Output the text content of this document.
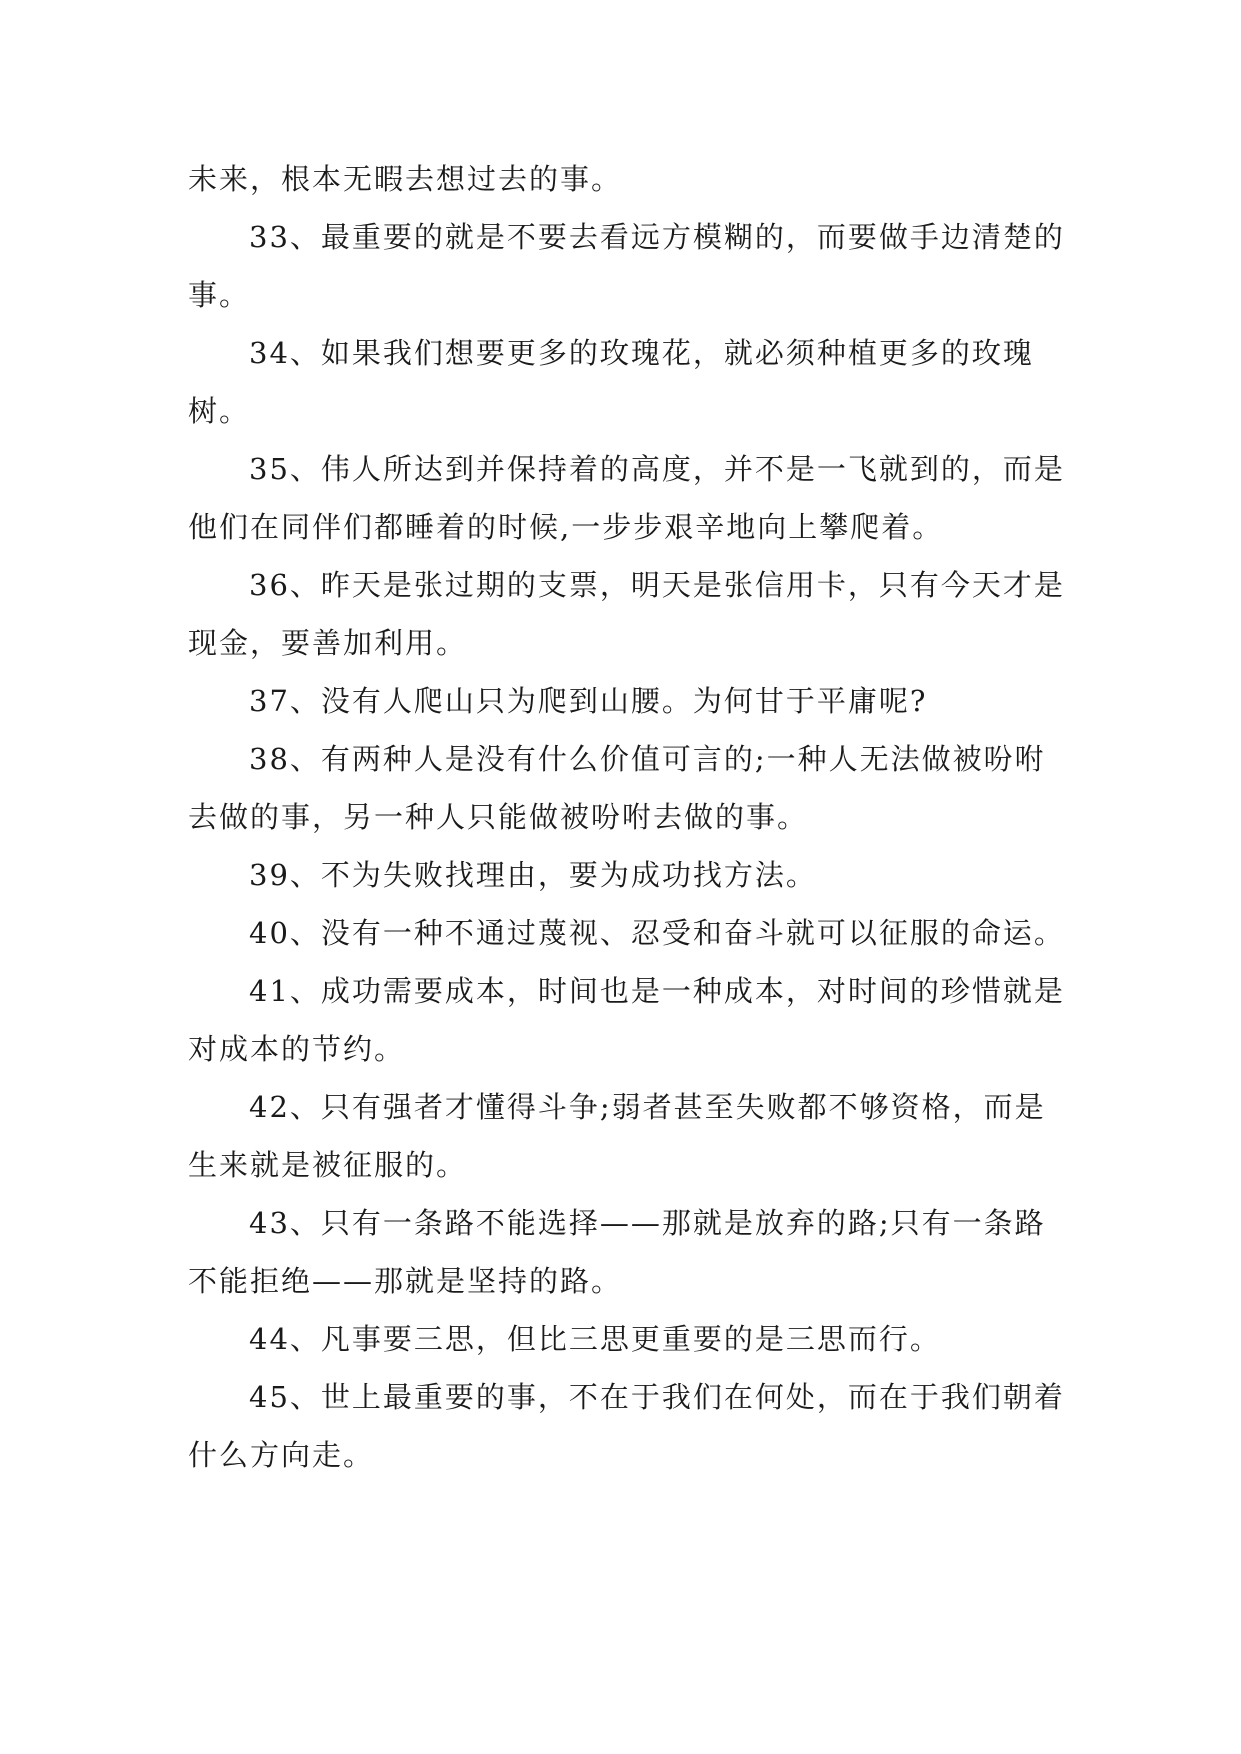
未来，根本无暇去想过去的事。

33、最重要的就是不要去看远方模糊的，而要做手边清楚的事。

34、如果我们想要更多的玫瑰花，就必须种植更多的玫瑰树。

35、伟人所达到并保持着的高度，并不是一飞就到的，而是他们在同伴们都睡着的时候,一步步艰辛地向上攀爬着。

36、昨天是张过期的支票，明天是张信用卡，只有今天才是现金，要善加利用。

37、没有人爬山只为爬到山腰。为何甘于平庸呢?

38、有两种人是没有什么价值可言的;一种人无法做被吩咐去做的事，另一种人只能做被吩咐去做的事。

39、不为失败找理由，要为成功找方法。

40、没有一种不通过蔑视、忍受和奋斗就可以征服的命运。

41、成功需要成本，时间也是一种成本，对时间的珍惜就是对成本的节约。

42、只有强者才懂得斗争;弱者甚至失败都不够资格，而是生来就是被征服的。

43、只有一条路不能选择——那就是放弃的路;只有一条路不能拒绝——那就是坚持的路。

44、凡事要三思，但比三思更重要的是三思而行。

45、世上最重要的事，不在于我们在何处，而在于我们朝着什么方向走。
